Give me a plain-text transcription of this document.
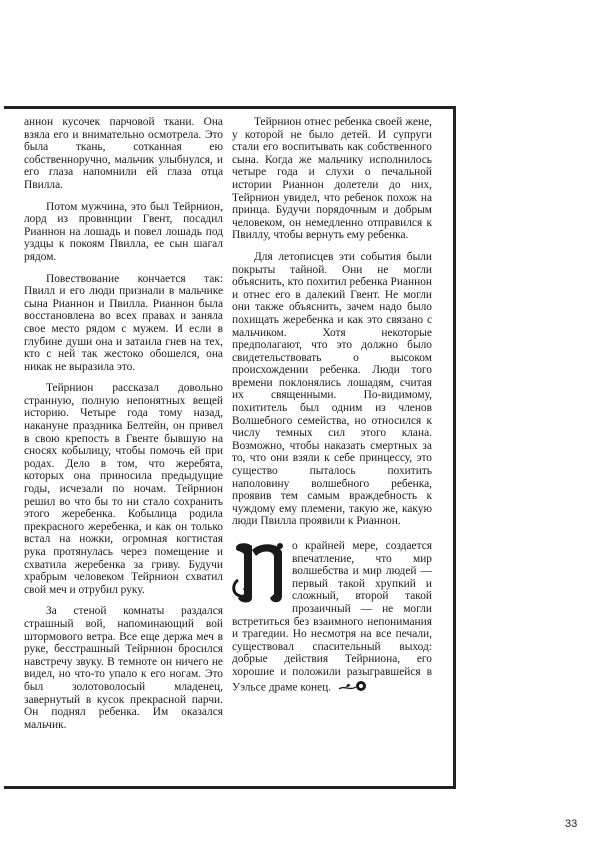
аннон кусочек парчовой ткани. Она взяла его и внимательно осмотрела. Это была ткань, сотканная ею собственноручно, мальчик улыбнулся, и его глаза напомнили ей глаза отца Пвилла.

Потом мужчина, это был Тейрнион, лорд из провинции Гвент, посадил Рианнон на лошадь и повел лошадь под уздцы к покоям Пвилла, ее сын шагал рядом.

Повествование кончается так: Пвилл и его люди признали в мальчике сына Рианнон и Пвилла. Рианнон была восстановлена во всех правах и заняла свое место рядом с мужем. И если в глубине души она и затаила гнев на тех, кто с ней так жестоко обошелся, она никак не выразила это.

Тейрнион рассказал довольно странную, полную непонятных вещей историю. Четыре года тому назад, накануне праздника Белтейн, он привел в свою крепость в Гвенте бывшую на сносях кобылицу, чтобы помочь ей при родах. Дело в том, что жеребята, которых она приносила предыдущие годы, исчезали по ночам. Тейрнион решил во что бы то ни стало сохранить этого жеребенка. Кобылица родила прекрасного жеребенка, и как он только встал на ножки, огромная когтистая рука протянулась через помещение и схватила жеребенка за гриву. Будучи храбрым человеком Тейрнион схватил свой меч и отрубил руку.

За стеной комнаты раздался страшный вой, напоминающий вой штормового ветра. Все еще держа меч в руке, бесстрашный Тейрнион бросился навстречу звуку. В темноте он ничего не видел, но что-то упало к его ногам. Это был золотоволосый младенец, завернутый в кусок прекрасной парчи. Он поднял ребенка. Им оказался мальчик.

Тейрнион отнес ребенка своей жене, у которой не было детей. И супруги стали его воспитывать как собственного сына. Когда же мальчику исполнилось четыре года и слухи о печальной истории Рианнон долетели до них, Тейрнион увидел, что ребенок похож на принца. Будучи порядочным и добрым человеком, он немедленно отправился к Пвиллу, чтобы вернуть ему ребенка.

Для летописцев эти события были покрыты тайной. Они не могли объяснить, кто похитил ребенка Рианнон и отнес его в далекий Гвент. Не могли они также объяснить, зачем надо было похищать жеребенка и как это связано с мальчиком. Хотя некоторые предполагают, что это должно было свидетельствовать о высоком происхождении ребенка. Люди того времени поклонялись лошадям, считая их священными. По-видимому, похититель был одним из членов Волшебного семейства, но относился к числу темных сил этого клана. Возможно, чтобы наказать смертных за то, что они взяли к себе принцессу, это существо пыталось похитить наполовину волшебного ребенка, проявив тем самым враждебность к чуждому ему племени, такую же, какую люди Пвилла проявили к Рианнон.

о крайней мере, создается впечатление, что мир волшебства и мир людей — первый такой хрупкий и сложный, второй такой прозаичный — не могли встретиться без взаимного непонимания и трагедии. Но несмотря на все печали, существовал спасительный выход: добрые действия Тейрниона, его хорошие и положили разыгравшейся в Уэльсе драме конец.

33
